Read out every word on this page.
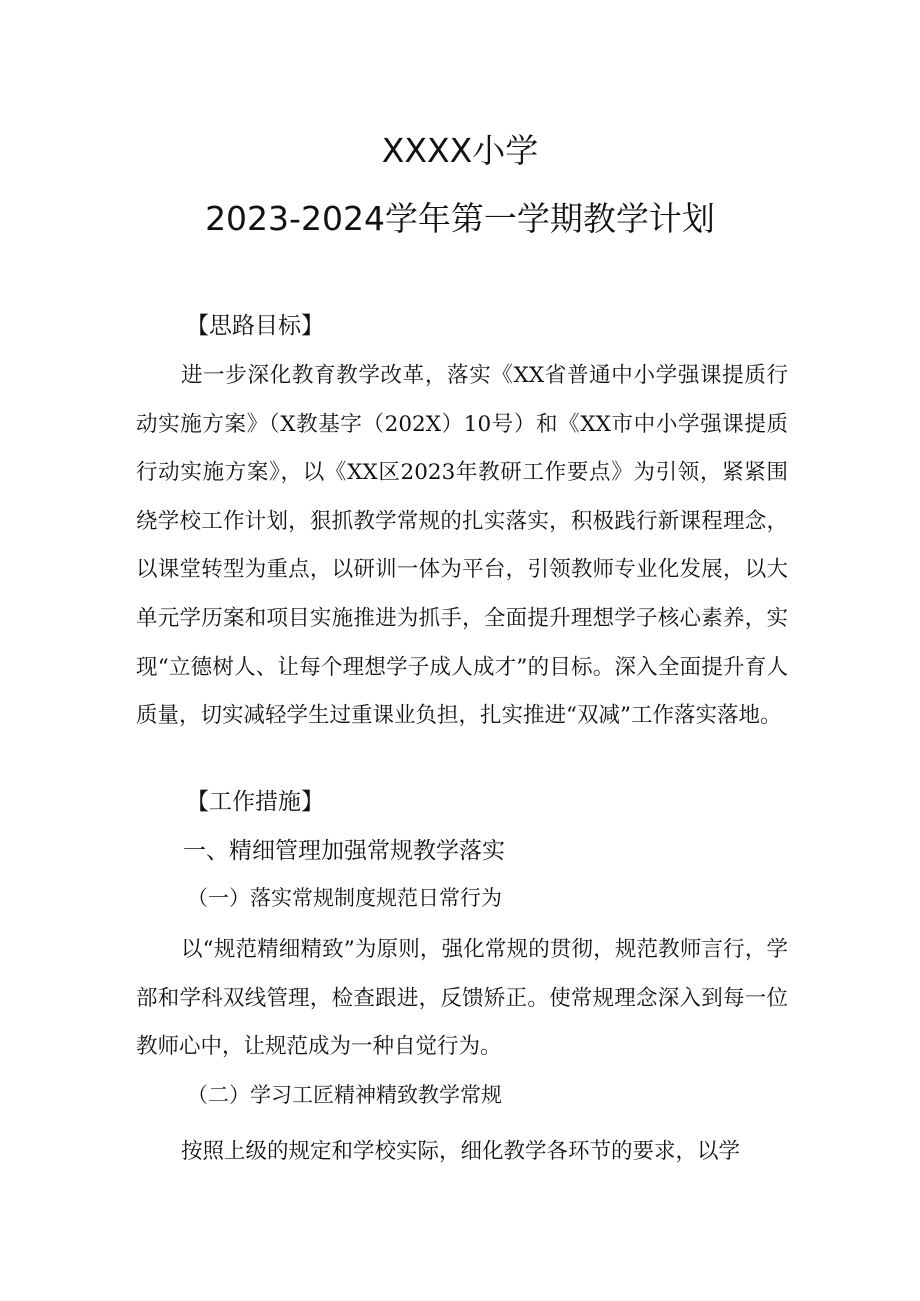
XXXX小学
2023-2024学年第一学期教学计划
【思路目标】

进一步深化教育教学改革，落实《XX省普通中小学强课提质行动实施方案》（X教基字（202X）10号）和《XX市中小学强课提质行动实施方案》，以《XX区2023年教研工作要点》为引领，紧紧围绕学校工作计划，狠抓教学常规的扎实落实，积极践行新课程理念，以课堂转型为重点，以研训一体为平台，引领教师专业化发展，以大单元学历案和项目实施推进为抓手，全面提升理想学子核心素养，实现“立德树人、让每个理想学子成人成才”的目标。深入全面提升育人质量，切实减轻学生过重课业负担，扎实推进“双减”工作落实落地。

【工作措施】
一、精细管理加强常规教学落实
（一）落实常规制度规范日常行为

以“规范精细精致”为原则，强化常规的贯彻，规范教师言行，学部和学科双线管理，检查跟进，反馈矫正。使常规理念深入到每一位教师心中，让规范成为一种自觉行为。

（二）学习工匠精神精致教学常规

按照上级的规定和学校实际，细化教学各环节的要求，以学
